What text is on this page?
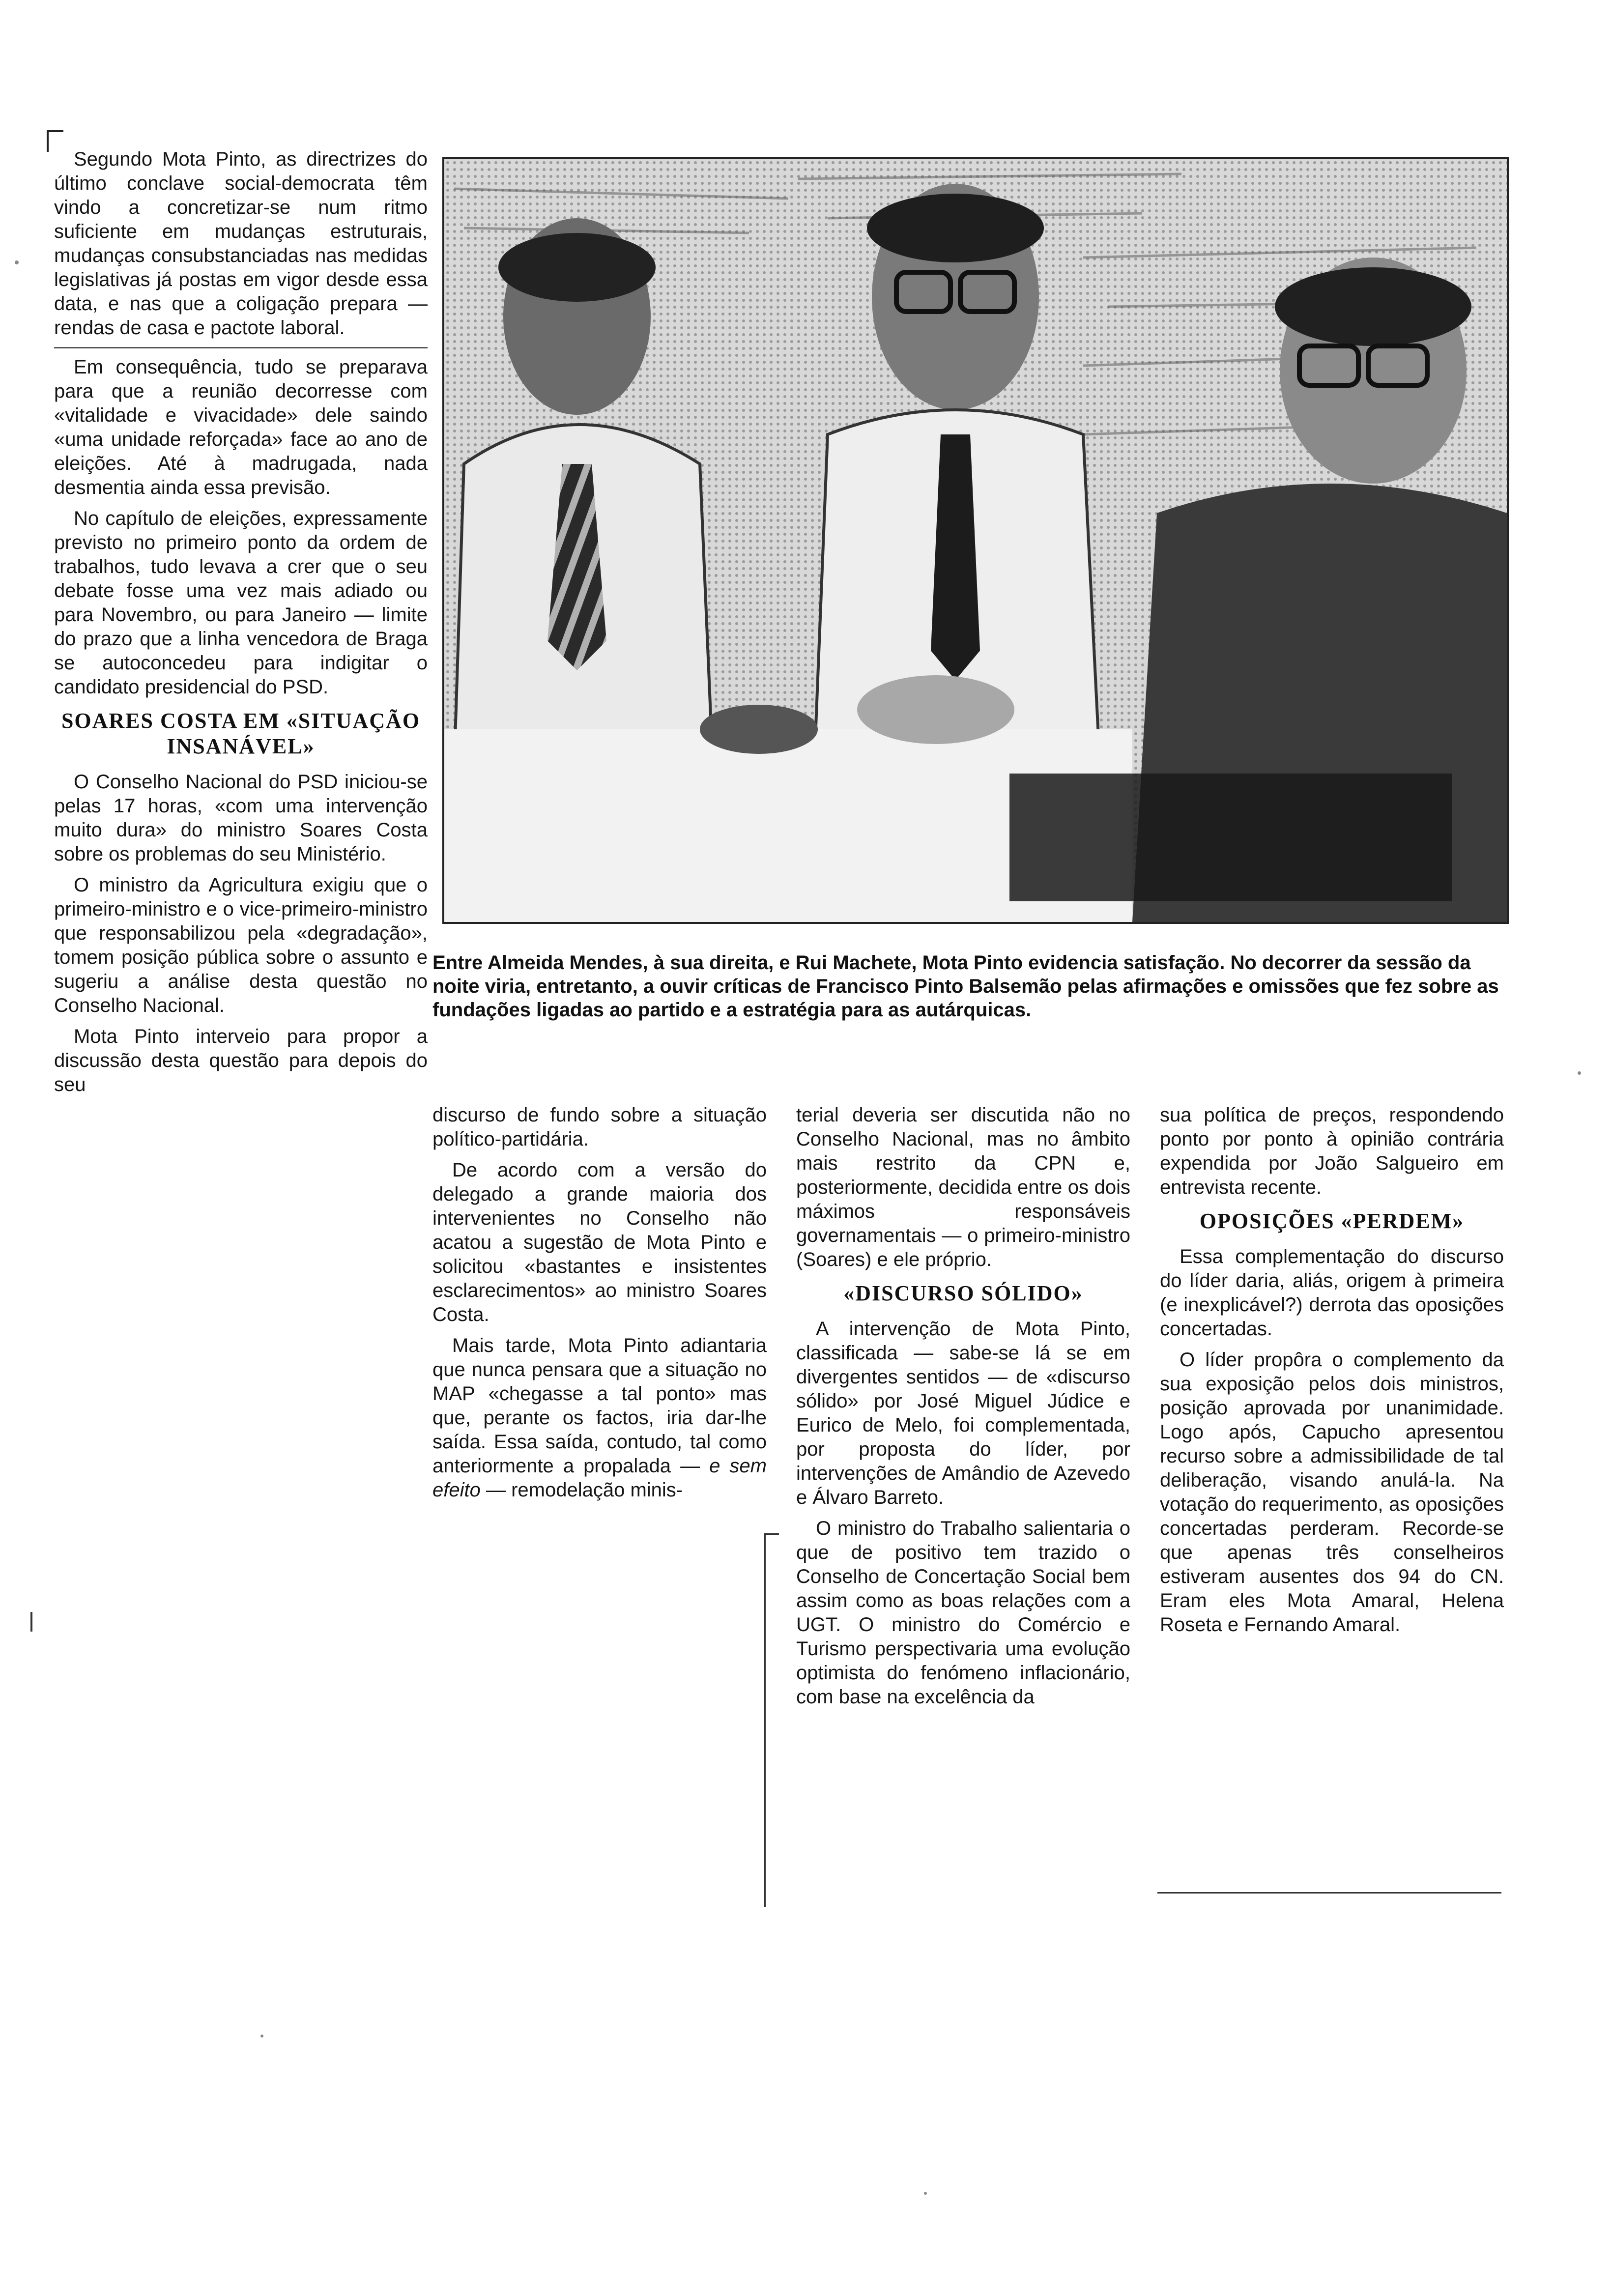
Segundo Mota Pinto, as directrizes do último conclave social-democrata têm vindo a concretizar-se num ritmo suficiente em mudanças estruturais, mudanças consubstanciadas nas medidas legislativas já postas em vigor desde essa data, e nas que a coligação prepara — rendas de casa e pactote laboral.

Em consequência, tudo se preparava para que a reunião decorresse com «vitalidade e vivacidade» dele saindo «uma unidade reforçada» face ao ano de eleições. Até à madrugada, nada desmentia ainda essa previsão.

No capítulo de eleições, expressamente previsto no primeiro ponto da ordem de trabalhos, tudo levava a crer que o seu debate fosse uma vez mais adiado ou para Novembro, ou para Janeiro — limite do prazo que a linha vencedora de Braga se autoconcedeu para indigitar o candidato presidencial do PSD.

SOARES COSTA EM «SITUAÇÃO INSANÁVEL»

O Conselho Nacional do PSD iniciou-se pelas 17 horas, «com uma intervenção muito dura» do ministro Soares Costa sobre os problemas do seu Ministério.

O ministro da Agricultura exigiu que o primeiro-ministro e o vice-primeiro-ministro que responsabilizou pela «degradação», tomem posição pública sobre o assunto e sugeriu a análise desta questão no Conselho Nacional.

Mota Pinto interveio para propor a discussão desta questão para depois do seu

Entre Almeida Mendes, à sua direita, e Rui Machete, Mota Pinto evidencia satisfação. No decorrer da sessão da noite viria, entretanto, a ouvir críticas de Francisco Pinto Balsemão pelas afirmações e omissões que fez sobre as fundações ligadas ao partido e a estratégia para as autárquicas.

discurso de fundo sobre a situação político-partidária.

De acordo com a versão do delegado a grande maioria dos intervenientes no Conselho não acatou a sugestão de Mota Pinto e solicitou «bastantes e insistentes esclarecimentos» ao ministro Soares Costa.

Mais tarde, Mota Pinto adiantaria que nunca pensara que a situação no MAP «chegasse a tal ponto» mas que, perante os factos, iria dar-lhe saída. Essa saída, contudo, tal como anteriormente a propalada — e sem efeito — remodelação minis-

terial deveria ser discutida não no Conselho Nacional, mas no âmbito mais restrito da CPN e, posteriormente, decidida entre os dois máximos responsáveis governamentais — o primeiro-ministro (Soares) e ele próprio.

«DISCURSO SÓLIDO»

A intervenção de Mota Pinto, classificada — sabe-se lá se em divergentes sentidos — de «discurso sólido» por José Miguel Júdice e Eurico de Melo, foi complementada, por proposta do líder, por intervenções de Amândio de Azevedo e Álvaro Barreto.

O ministro do Trabalho salientaria o que de positivo tem trazido o Conselho de Concertação Social bem assim como as boas relações com a UGT. O ministro do Comércio e Turismo perspectivaria uma evolução optimista do fenómeno inflacionário, com base na excelência da

sua política de preços, respondendo ponto por ponto à opinião contrária expendida por João Salgueiro em entrevista recente.

OPOSIÇÕES «PERDEM»

Essa complementação do discurso do líder daria, aliás, origem à primeira (e inexplicável?) derrota das oposições concertadas.

O líder propôra o complemento da sua exposição pelos dois ministros, posição aprovada por unanimidade. Logo após, Capucho apresentou recurso sobre a admissibilidade de tal deliberação, visando anulá-la. Na votação do requerimento, as oposições concertadas perderam. Recorde-se que apenas três conselheiros estiveram ausentes dos 94 do CN. Eram eles Mota Amaral, Helena Roseta e Fernando Amaral.
